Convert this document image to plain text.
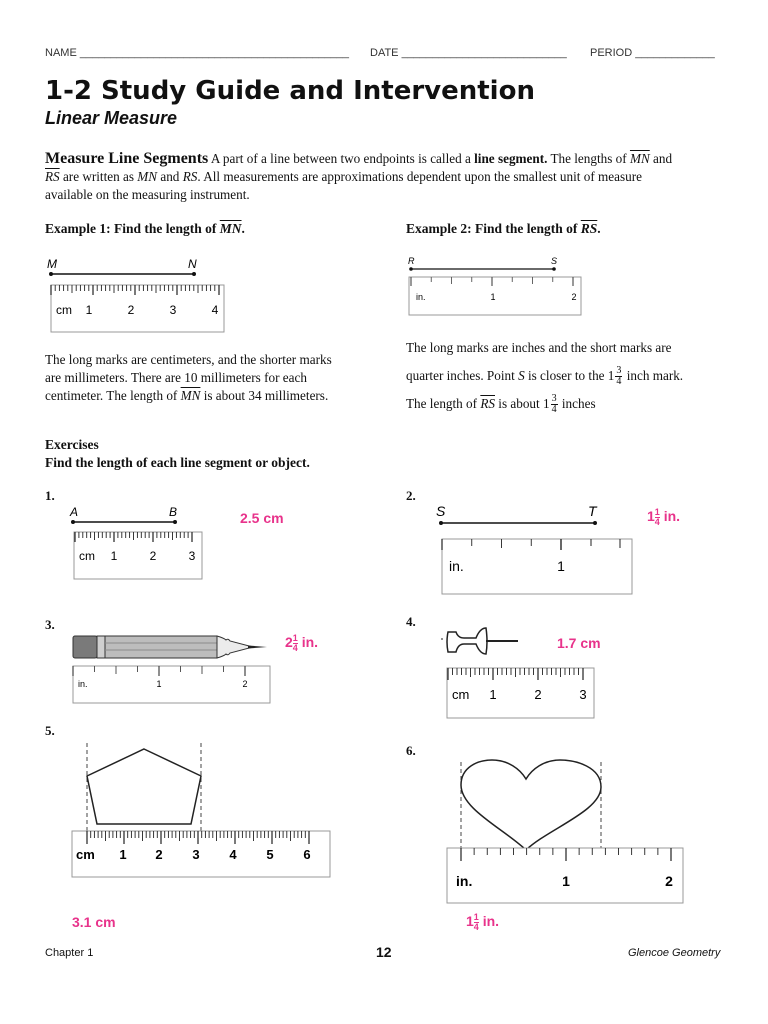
NAME ____________________________________________ DATE ___________________________ PERIOD _____________
1-2 Study Guide and Intervention
Linear Measure
Measure Line Segments A part of a line between two endpoints is called a line segment. The lengths of $\overline{MN}$ and
$\overline{RS}$ are written as MN and RS. All measurements are approximations dependent upon the smallest unit of measure
available on the measuring instrument.
Example 1: Find the length of $\overline{MN}$.
M	N
cm 1	2	3	4
The long marks are centimeters, and the shorter marks
are millimeters. There are 10 millimeters for each
centimeter. The length of $\overline{MN}$ is about 34 millimeters.
Example 2: Find the length of $\overline{RS}$.
R	S
in.	1	2
The long marks are inches and the short marks are
quarter inches. Point S is closer to the $1 \frac{3}{4}$ inch mark.
The length of $\overline{RS}$ is about $1 \frac{3}{4}$ inches
Exercises
Find the length of each line segment or object.
1.
A	B
cm 1	2	3
2.5 cm
2.
S	T
in.	1
$1 \frac{1}{4}$ in.
3.
in.	1	2
$2 \frac{1}{4}$ in.
4.
cm 1	2	3
1.7 cm
5.
cm 1 2 3 4 5 6
3.1 cm
6.
in.	1	2
$1 \frac{1}{4}$ in.
Chapter 1	12	Glencoe Geometry
